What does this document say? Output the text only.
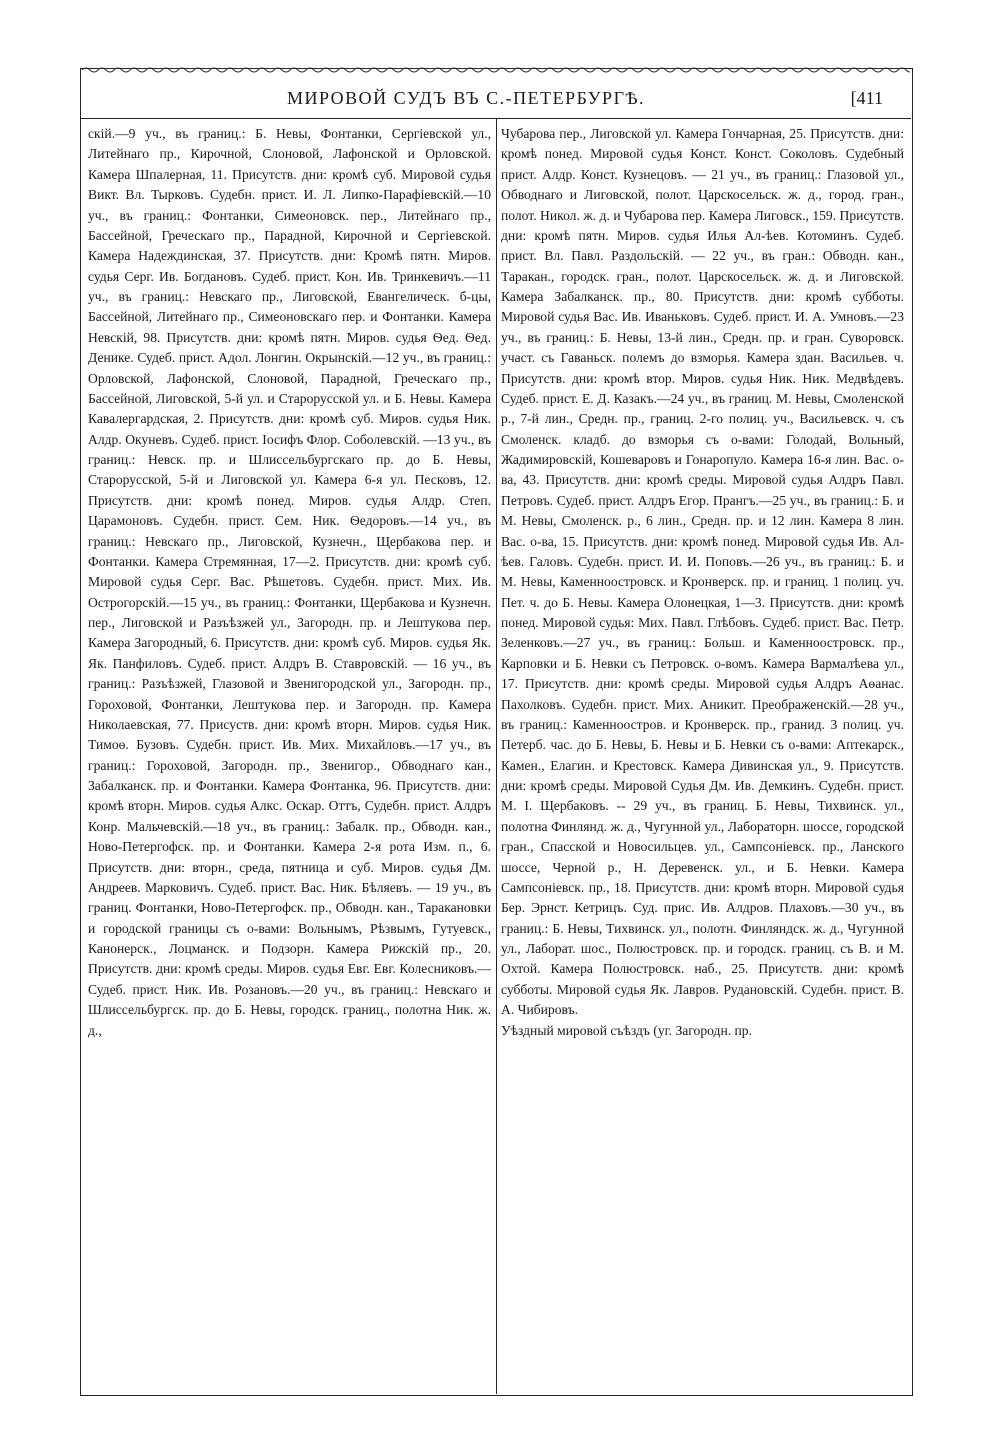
МИРОВОЙ СУДЪ ВЪ С.-ПЕТЕРБУРГѢ.	[411

скій.—9 уч., въ границ.: Б. Невы, Фонтанки, Сергіевской ул., Литейнаго пр., Кирочной, Слоновой, Лафонской и Орловской. Камера Шпалерная, 11. Присутств. дни: кромѣ суб. Мировой судья Викт. Вл. Тырковъ. Судебн. прист. И. Л. Липко-Парафіевскій.—10 уч., въ границ.: Фонтанки, Симеоновск. пер., Литейнаго пр., Бассейной, Греческаго пр., Парадной, Кирочной и Сергіевской. Камера Надеждинская, 37. Присутств. дни: Кромѣ пятн. Миров. судья Серг. Ив. Богдановъ. Судеб. прист. Кон. Ив. Тринкевичъ.—11 уч., въ границ.: Невскаго пр., Лиговской, Евангелическ. б-цы, Бассейной, Литейнаго пр., Симеоновскаго пер. и Фонтанки. Камера Невскій, 98. Присутств. дни: кромѣ пятн. Миров. судья Ѳед. Ѳед. Денике. Судеб. прист. Адол. Лонгин. Окрынскій.—12 уч., въ границ.: Орловской, Лафонской, Слоновой, Парадной, Греческаго пр., Бассейной, Лиговской, 5-й ул. и Старорусской ул. и Б. Невы. Камера Кавалергардская, 2. Присутств. дни: кромѣ суб. Миров. судья Ник. Алдр. Окуневъ. Судеб. прист. Іосифъ Флор. Соболевскій. —13 уч., въ границ.: Невск. пр. и Шлиссельбургскаго пр. до Б. Невы, Старорусской, 5-й и Лиговской ул. Камера 6-я ул. Песковъ, 12. Присутств. дни: кромѣ понед. Миров. судья Алдр. Степ. Царамоновъ. Судебн. прист. Сем. Ник. Ѳедоровъ.—14 уч., въ границ.: Невскаго пр., Лиговской, Кузнечн., Щербакова пер. и Фонтанки. Камера Стремянная, 17—2. Присутств. дни: кромѣ суб. Мировой судья Серг. Вас. Рѣшетовъ. Судебн. прист. Мих. Ив. Острогорскій.—15 уч., въ границ.: Фонтанки, Щербакова и Кузнечн. пер., Лиговской и Разъѣзжей ул., Загородн. пр. и Лештукова пер. Камера Загородный, 6. Присутств. дни: кромѣ суб. Миров. судья Як. Як. Панфиловъ. Судеб. прист. Алдръ В. Ставровскій. — 16 уч., въ границ.: Разъѣзжей, Глазовой и Звенигородской ул., Загородн. пр., Гороховой, Фонтанки, Лештукова пер. и Загородн. пр. Камера Николаевская, 77. Присуств. дни: кромѣ вторн. Миров. судья Ник. Тимоѳ. Бузовъ. Судебн. прист. Ив. Мих. Михайловъ.—17 уч., въ границ.: Гороховой, Загородн. пр., Звенигор., Обводнаго кан., Забалканск. пр. и Фонтанки. Камера Фонтанка, 96. Присутств. дни: кромѣ вторн. Миров. судья Алкс. Оскар. Оттъ, Судебн. прист. Алдръ Конр. Мальчевскій.—18 уч., въ границ.: Забалк. пр., Обводн. кан., Ново-Петергофск. пр. и Фонтанки. Камера 2-я рота Изм. п., 6. Присутств. дни: вторн., среда, пятница и суб. Миров. судья Дм. Андреев. Марковичъ. Судеб. прист. Вас. Ник. Бѣляевъ. — 19 уч., въ границ. Фонтанки, Ново-Петергофск. пр., Обводн. кан., Таракановки и городской границы съ о-вами: Вольнымъ, Рѣзвымъ, Гутуевск., Канонерск., Лоцманск. и Подзорн. Камера Рижскій пр., 20. Присутств. дни: кромѣ среды. Миров. судья Евг. Евг. Колесниковъ.—Судеб. прист. Ник. Ив. Розановъ.—20 уч., въ границ.: Невскаго и Шлиссельбургск. пр. до Б. Невы, городск. границ., полотна Ник. ж. д.,

Чубарова пер., Лиговской ул. Камера Гончарная, 25. Присутств. дни: кромѣ понед. Мировой судья Конст. Конст. Соколовъ. Судебный прист. Алдр. Конст. Кузнецовъ. — 21 уч., въ границ.: Глазовой ул., Обводнаго и Лиговской, полот. Царскосельск. ж. д., город. гран., полот. Никол. ж. д. и Чубарова пер. Камера Лиговск., 159. Присутств. дни: кромѣ пятн. Миров. судья Илья Ал-ѣев. Котоминъ. Судеб. прист. Вл. Павл. Раздольскій. — 22 уч., въ гран.: Обводн. кан., Таракан., городск. гран., полот. Царскосельск. ж. д. и Лиговской. Камера Забалканск. пр., 80. Присутств. дни: кромѣ субботы. Мировой судья Вас. Ив. Иваньковъ. Судеб. прист. И. А. Умновъ.—23 уч., въ границ.: Б. Невы, 13-й лин., Средн. пр. и гран. Суворовск. участ. съ Гаваньск. полемъ до взморья. Камера здан. Васильев. ч. Присутств. дни: кромѣ втор. Миров. судья Ник. Ник. Медвѣдевъ. Судеб. прист. Е. Д. Казакъ.—24 уч., въ границ. М. Невы, Смоленской р., 7-й лин., Средн. пр., границ. 2-го полиц. уч., Васильевск. ч. съ Смоленск. кладб. до взморья съ о-вами: Голодай, Вольный, Жадимировскій, Кошеваровъ и Гонаропуло. Камера 16-я лин. Вас. о-ва, 43. Присутств. дни: кромѣ среды. Мировой судья Алдръ Павл. Петровъ. Судеб. прист. Алдръ Егор. Прангъ.—25 уч., въ границ.: Б. и М. Невы, Смоленск. р., 6 лин., Средн. пр. и 12 лин. Камера 8 лин. Вас. о-ва, 15. Присутств. дни: кромѣ понед. Мировой судья Ив. Ал-ѣев. Галовъ. Судебн. прист. И. И. Поповъ.—26 уч., въ границ.: Б. и М. Невы, Каменноостровск. и Кронверск. пр. и границ. 1 полиц. уч. Пет. ч. до Б. Невы. Камера Олонецкая, 1—3. Присутств. дни: кромѣ понед. Мировой судья: Мих. Павл. Глѣбовъ. Судеб. прист. Вас. Петр. Зеленковъ.—27 уч., въ границ.: Больш. и Каменноостровск. пр., Карповки и Б. Невки съ Петровск. о-вомъ. Камера Вармалѣева ул., 17. Присутств. дни: кромѣ среды. Мировой судья Алдръ Аѳанас. Пахолковъ. Судебн. прист. Мих. Аникит. Преображенскій.—28 уч., въ границ.: Каменноостров. и Кронверск. пр., гранид. 3 полиц. уч. Петерб. час. до Б. Невы, Б. Невы и Б. Невки съ о-вами: Аптекарск., Камен., Елагин. и Крестовск. Камера Дивинская ул., 9. Присутств. дни: кромѣ среды. Мировой Судья Дм. Ив. Демкинъ. Судебн. прист. М. І. Щербаковъ. -- 29 уч., въ границ. Б. Невы, Тихвинск. ул., полотна Финлянд. ж. д., Чугунной ул., Лабораторн. шоссе, городской гран., Спасской и Новосильцев. ул., Сампсоніевск. пр., Ланского шоссе, Черной р., Н. Деревенск. ул., и Б. Невки. Камера Сампсоніевск. пр., 18. Присутств. дни: кромѣ вторн. Мировой судья Бер. Эрнст. Кетрицъ. Суд. прис. Ив. Алдров. Плаховъ.—30 уч., въ границ.: Б. Невы, Тихвинск. ул., полотн. Финляндск. ж. д., Чугунной ул., Лаборат. шос., Полюстровск. пр. и городск. границ. съ В. и М. Охтой. Камера Полюстровск. наб., 25. Присутств. дни: кромѣ субботы. Мировой судья Як. Лавров. Рудановскій. Судебн. прист. В. А. Чибировъ.

Уѣздный мировой съѣздъ (уг. Загородн. пр.
